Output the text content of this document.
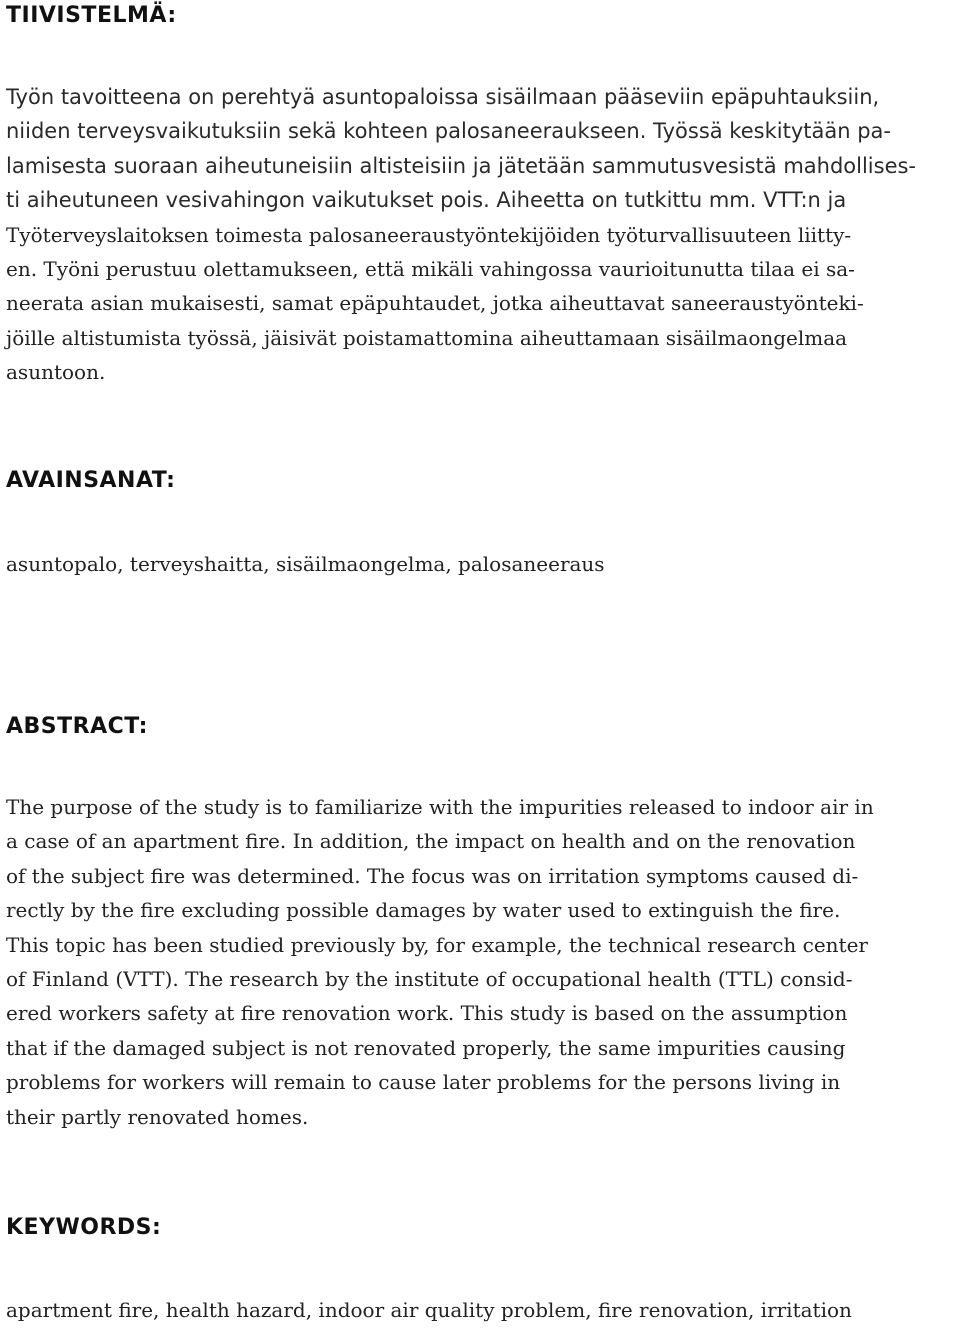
TIIVISTELMÄ:

Työn tavoitteena on perehtyä asuntopaloissa sisäilmaan pääseviin epäpuhtauksiin,
niiden terveysvaikutuksiin sekä kohteen palosaneeraukseen. Työssä keskitytään pa-
lamisesta suoraan aiheutuneisiin altisteisiin ja jätetään sammutusvesistä mahdollises-
ti aiheutuneen vesivahingon vaikutukset pois. Aiheetta on tutkittu mm. VTT:n ja
Työterveyslaitoksen toimesta palosaneeraustyöntekijöiden työturvallisuuteen liitty-
en. Työni perustuu olettamukseen, että mikäli vahingossa vaurioitunutta tilaa ei sa-
neerata asian mukaisesti, samat epäpuhtaudet, jotka aiheuttavat saneeraustyönteki-
jöille altistumista työssä, jäisivät poistamattomina aiheuttamaan sisäilmaongelmaa
asuntoon.

AVAINSANAT:

asuntopalo, terveyshaitta, sisäilmaongelma, palosaneeraus

ABSTRACT:

The purpose of the study is to familiarize with the impurities released to indoor air in
a case of an apartment fire. In addition, the impact on health and on the renovation
of the subject fire was determined. The focus was on irritation symptoms caused di-
rectly by the fire excluding possible damages by water used to extinguish the fire.
This topic has been studied previously by, for example, the technical research center
of Finland (VTT). The research by the institute of occupational health (TTL) consid-
ered workers safety at fire renovation work. This study is based on the assumption
that if the damaged subject is not renovated properly, the same impurities causing
problems for workers will remain to cause later problems for the persons living in
their partly renovated homes.

KEYWORDS:

apartment fire, health hazard, indoor air quality problem, fire renovation, irritation
